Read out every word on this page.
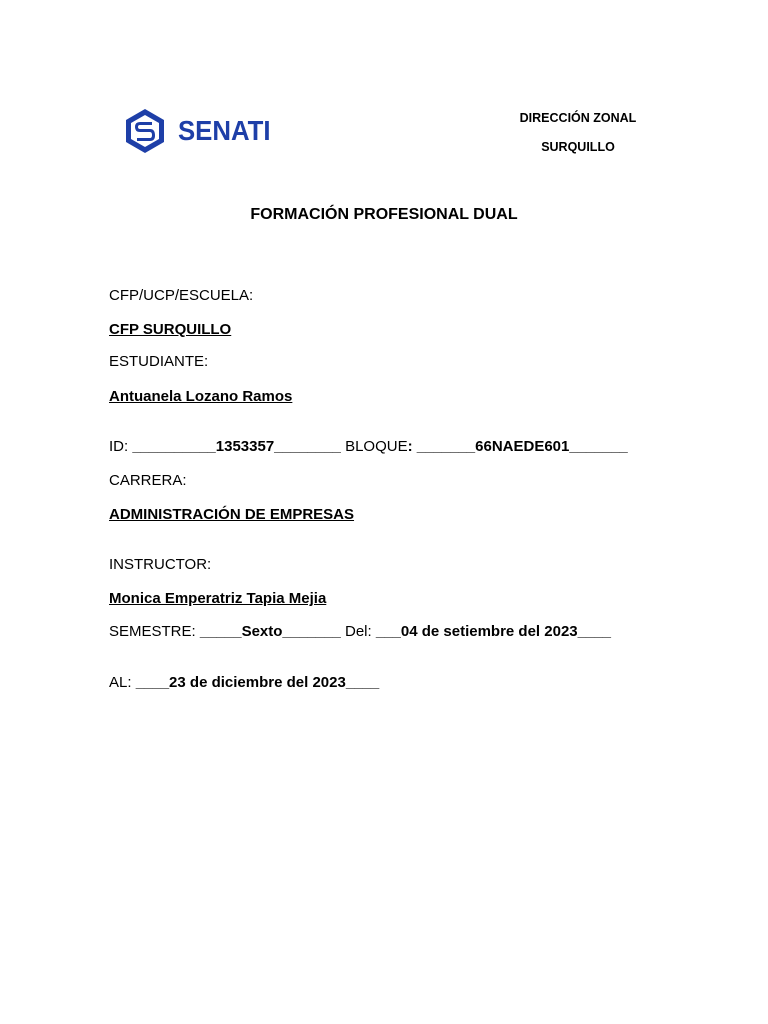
SENATI	DIRECCIÓN ZONAL
SURQUILLO
FORMACIÓN PROFESIONAL DUAL
CFP/UCP/ESCUELA:
CFP SURQUILLO
ESTUDIANTE:
Antuanela Lozano Ramos
ID: __________1353357________ BLOQUE: _______66NAEDE601_______
CARRERA:
ADMINISTRACIÓN DE EMPRESAS
INSTRUCTOR:
Monica Emperatriz Tapia Mejia
SEMESTRE: _____Sexto_______ Del: ___04 de setiembre del 2023____
AL: ____23 de diciembre del 2023____
